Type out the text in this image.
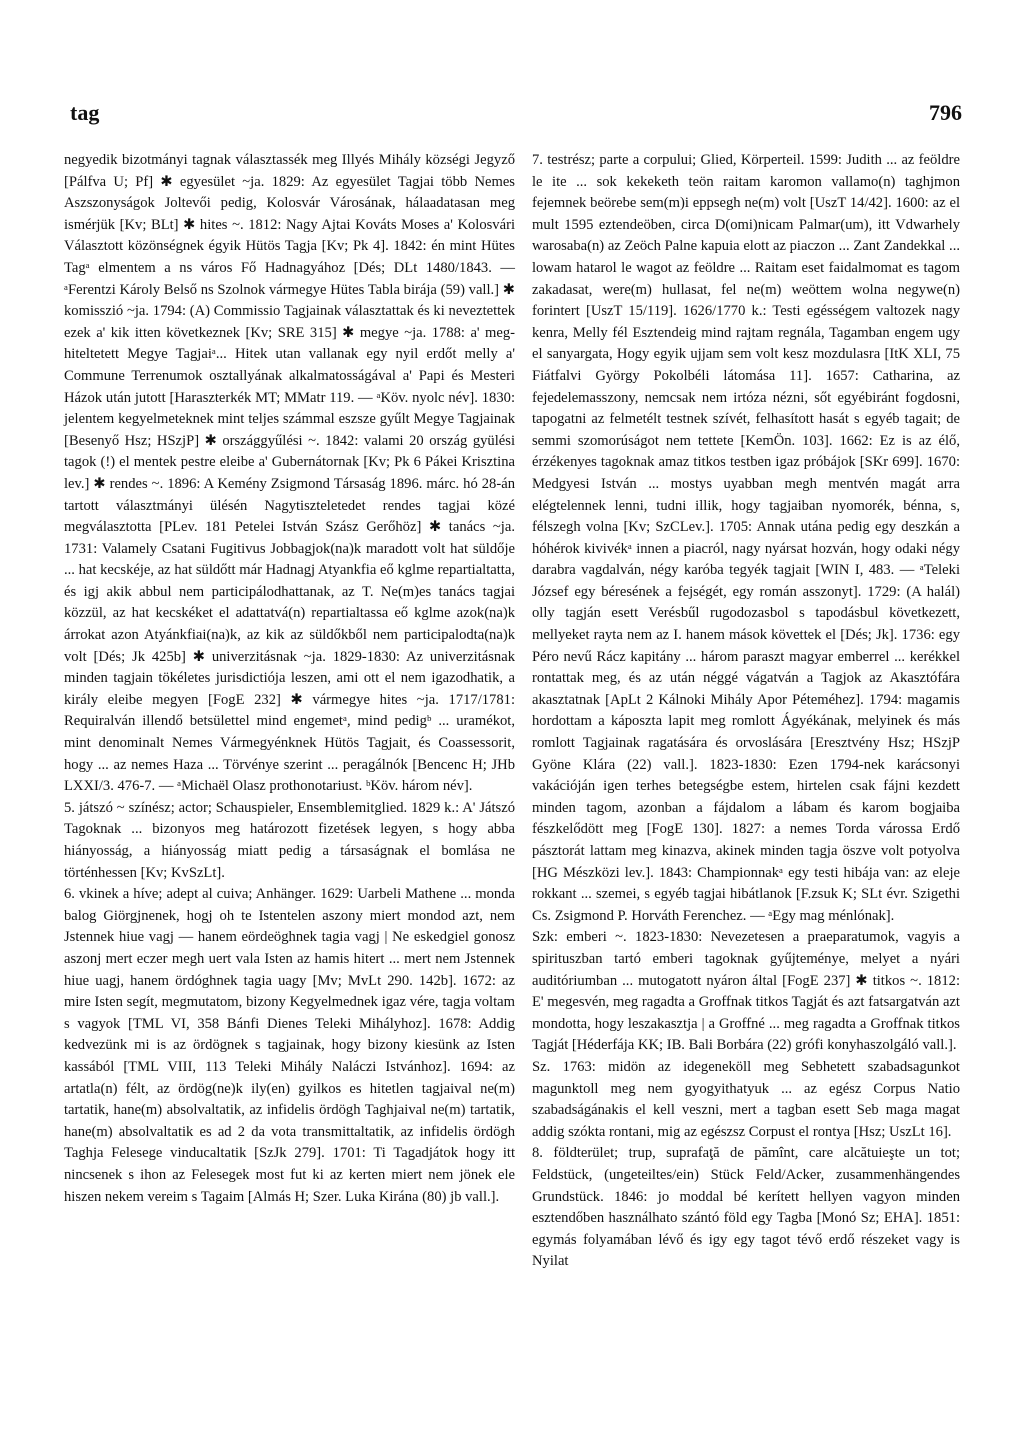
tag	796

negyedik bizotmányi tagnak választassék meg Illyés Mihály községi Jegyző [Pálfva U; Pf] ✱ egyesület ~ja. 1829: Az egyesület Tagjai több Nemes Aszszonyságok Joltevői pedig, Kolosvár Városának, hálaadatasan meg ismérjük [Kv; BLt] ✱ hites ~. 1812: Nagy Ajtai Kováts Moses a' Kolosvári Választott közönségnek égyik Hütös Tagja [Kv; Pk 4]. 1842: én mint Hütes Tagᵃ elmentem a ns város Fő Hadnagyához [Dés; DLt 1480/1843. — ᵃFerentzi Károly Belső ns Szolnok vármegye Hütes Tabla birája (59) vall.] ✱ komisszió ~ja. 1794: (A) Commissio Tagjainak választattak és ki neveztettek ezek a' kik itten következnek [Kv; SRE 315] ✱ megye ~ja. 1788: a' meg-hiteltetett Megye Tagjaiᵃ... Hitek utan vallanak egy nyil erdőt melly a' Commune Terrenumok osztallyának alkalmatosságával a' Papi és Mesteri Házok után jutott [Haraszterkék MT; MMatr 119. — ᵃKöv. nyolc név]. 1830: jelentem kegyelmeteknek mint teljes számmal eszsze gyűlt Megye Tagjainak [Besenyő Hsz; HSzjP] ✱ országgyűlési ~. 1842: valami 20 ország gyülési tagok (!) el mentek pestre eleibe a' Gubernátornak [Kv; Pk 6 Pákei Krisztina lev.] ✱ rendes ~. 1896: A Kemény Zsigmond Társaság 1896. márc. hó 28-án tartott választmányi ülésén Nagytiszteletedet rendes tagjai közé megválasztotta [PLev. 181 Petelei István Szász Gerőhöz] ✱ tanács ~ja. 1731: Valamely Csatani Fugitivus Jobbagjok(na)k maradott volt hat süldője ... hat kecskéje, az hat süldőtt már Hadnagj Atyankfia eő kglme repartialtatta, és igj akik abbul nem participálodhattanak, az T. Ne(m)es tanács tagjai közzül, az hat kecskéket el adattatvá(n) repartialtassa eő kglme azok(na)k árrokat azon Atyánkfiai(na)k, az kik az süldőkből nem participalodta(na)k volt [Dés; Jk 425b] ✱ univerzitásnak ~ja. 1829-1830: Az univerzitásnak minden tagjain tökéletes jurisdictiója leszen, ami ott el nem igazodhatik, a király eleibe megyen [FogE 232] ✱ vármegye hites ~ja. 1717/1781: Requiralván illendő betsülettel mind engemetᵃ, mind pedigᵇ ... uramékot, mint denominalt Nemes Vármegyénknek Hütös Tagjait, és Coassessorit, hogy ... az nemes Haza ... Törvénye szerint ... peragálnók [Bencenc H; JHb LXXI/3. 476-7. — ᵃMichaël Olasz prothonotariust. ᵇKöv. három név].

5. játszó ~ színész; actor; Schauspieler, Ensemblemitglied. 1829 k.: A' Játszó Tagoknak ... bizonyos meg határozott fizetések legyen, s hogy abba hiányosság, a hiányosság miatt pedig a társaságnak el bomlása ne történhessen [Kv; KvSzLt].

6. vkinek a híve; adept al cuiva; Anhänger. 1629: Uarbeli Mathene ... monda balog Giörgjnenek, hogj oh te Istentelen aszony miert mondod azt, nem Jstennek hiue vagj — hanem eördeöghnek tagia vagj | Ne eskedgiel gonosz aszonj mert eczer megh uert vala Isten az hamis hitert ... mert nem Jstennek hiue uagj, hanem ördóghnek tagia uagy [Mv; MvLt 290. 142b]. 1672: az mire Isten segít, megmutatom, bizony Kegyelmednek igaz vére, tagja voltam s vagyok [TML VI, 358 Bánfi Dienes Teleki Mihályhoz]. 1678: Addig kedvezünk mi is az ördögnek s tagjainak, hogy bizony kiesünk az Isten kassából [TML VIII, 113 Teleki Mihály Naláczi Istvánhoz]. 1694: az artatla(n) félt, az ördög(ne)k ily(en) gyilkos es hitetlen tagjaival ne(m) tartatik, hane(m) absolvaltatik, az infidelis ördögh Taghjaival ne(m) tartatik, hane(m) absolvaltatik es ad 2 da vota transmittaltatik, az infidelis ördögh Taghja Felesege vinducaltatik [SzJk 279]. 1701: Ti Tagadjátok hogy itt nincsenek s ihon az Felesegek most fut ki az kerten miert nem jönek ele hiszen nekem vereim s Tagaim [Almás H; Szer. Luka Kirána (80) jb vall.].

7. testrész; parte a corpului; Glied, Körperteil. 1599: Judith ... az feöldre le ite ... sok kekeketh teön raitam karomon vallamo(n) taghjmon fejemnek beörebe sem(m)i eppsegh ne(m) volt [UszT 14/42]. 1600: az el mult 1595 eztendeöben, circa D(omi)nicam Palmar(um), itt Vdwarhely warosaba(n) az Zeöch Palne kapuia elott az piaczon ... Zant Zandekkal ... lowam hatarol le wagot az feöldre ... Raitam eset faidalmomat es tagom zakadasat, were(m) hullasat, fel ne(m) weöttem wolna negywe(n) forintert [UszT 15/119]. 1626/1770 k.: Testi egésségem valtozek nagy kenra, Melly fél Esztendeig mind rajtam regnála, Tagamban engem ugy el sanyargata, Hogy egyik ujjam sem volt kesz mozdulasra [ItK XLI, 75 Fiátfalvi György Pokolbéli látomása 11]. 1657: Catharina, az fejedelemasszony, nemcsak nem irtóza nézni, sőt egyébiránt fogdosni, tapogatni az felmetélt testnek szívét, felhasított hasát s egyéb tagait; de semmi szomorúságot nem tettete [KemÖn. 103]. 1662: Ez is az élő, érzékenyes tagoknak amaz titkos testben igaz próbájok [SKr 699]. 1670: Medgyesi István ... mostys uyabban megh mentvén magát arra elégtelennek lenni, tudni illik, hogy tagjaiban nyomorék, bénna, s, félszegh volna [Kv; SzCLev.]. 1705: Annak utána pedig egy deszkán a hóhérok kivivékᵃ innen a piacról, nagy nyársat hozván, hogy odaki négy darabra vagdalván, négy karóba tegyék tagjait [WIN I, 483. — ᵃTeleki József egy béresének a fejségét, egy román asszonyt]. 1729: (A halál) olly tagján esett Verésbűl rugodozasbol s tapodásbul következett, mellyeket rayta nem az I. hanem mások követtek el [Dés; Jk]. 1736: egy Péro nevű Rácz kapitány ... három paraszt magyar emberrel ... kerékkel rontattak meg, és az után néggé vágatván a Tagjok az Akasztófára akasztatnak [ApLt 2 Kálnoki Mihály Apor Péteméhez]. 1794: magamis hordottam a káposzta lapit meg romlott Ágyékának, melyinek és más romlott Tagjainak ragatására és orvoslására [Eresztvény Hsz; HSzjP Gyöne Klára (22) vall.]. 1823-1830: Ezen 1794-nek karácsonyi vakációján igen terhes betegségbe estem, hirtelen csak fájni kezdett minden tagom, azonban a fájdalom a lábam és karom bogjaiba fészkelődött meg [FogE 130]. 1827: a nemes Torda várossa Erdő pásztorát lattam meg kinazva, akinek minden tagja öszve volt potyolva [HG Mészközi lev.]. 1843: Championnakᵃ egy testi hibája van: az eleje rokkant ... szemei, s egyéb tagjai hibátlanok [F.zsuk K; SLt évr. Szigethi Cs. Zsigmond P. Horváth Ferenchez. — ᵃEgy mag ménlónak].

Szk: emberi ~. 1823-1830: Nevezetesen a praeparatumok, vagyis a spirituszban tartó emberi tagoknak gyűjteménye, melyet a nyári auditóriumban ... mutogatott nyáron által [FogE 237] ✱ titkos ~. 1812: E' megesvén, meg ragadta a Groffnak titkos Tagját és azt fatsargatván azt mondotta, hogy leszakasztja | a Groffné ... meg ragadta a Groffnak titkos Tagját [Héderfája KK; IB. Bali Borbára (22) grófi konyhaszolgáló vall.].

Sz. 1763: midön az idegeneköll meg Sebhetett szabadsagunkot magunktoll meg nem gyogyithatyuk ... az egész Corpus Natio szabadságánakis el kell veszni, mert a tagban esett Seb maga magat addig szókta rontani, mig az egészsz Corpust el rontya [Hsz; UszLt 16].

8. földterület; trup, suprafaţă de pămînt, care alcătuieşte un tot; Feldstück, (ungeteiltes/ein) Stück Feld/Acker, zusammenhängendes Grundstück. 1846: jo moddal bé kerített hellyen vagyon minden esztendőben használhato szántó föld egy Tagba [Monó Sz; EHA]. 1851: egymás folyamában lévő és igy egy tagot tévő erdő részeket vagy is Nyilat
